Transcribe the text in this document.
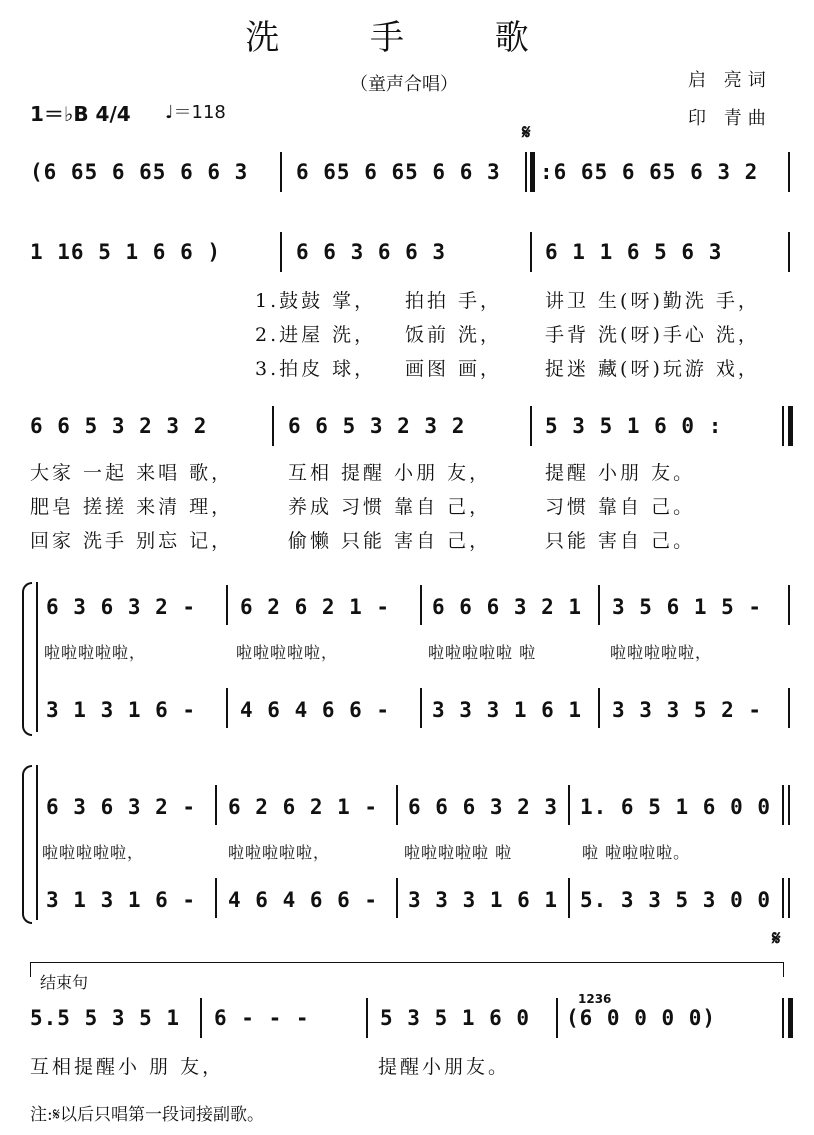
洗 手 歌
（童声合唱）	启 亮词
印 青曲
1＝♭B 4/4 ♩＝118
𝄋
(6 65 6 65 6 6 3 6 65 6 65 6 6 3 :6 65 6 65 6 3 2
1 16 5 1 6 6 )	6 6 3 6 6 3	6 1 1 6 5 6 3
1.鼓鼓 掌， 拍拍 手， 讲卫 生(呀)勤洗 手，
2.进屋 洗， 饭前 洗， 手背 洗(呀)手心 洗，
3.拍皮 球， 画图 画， 捉迷 藏(呀)玩游 戏，
6 6 5 3 2 3 2	6 6 5 3 2 3 2	5 3 5 1 6 0 :
大家 一起 来唱 歌，	互相 提醒 小朋 友，	提醒 小朋 友。
肥皂 搓搓 来清 理，	养成 习惯 靠自 己，	习惯 靠自 己。
回家 洗手 别忘 记，	偷懒 只能 害自 己，	只能 害自 己。
6 3 6 3 2 - 6 2 6 2 1 - 6 6 6 3 2 1 3 5 6 1 5 -
啦啦啦啦啦，	啦啦啦啦啦，	啦啦啦啦啦 啦	啦啦啦啦啦，
3 1 3 1 6 - 4 6 4 6 6 - 3 3 3 1 6 1 3 3 3 5 2 -
6 3 6 3 2 - 6 2 6 2 1 - 6 6 6 3 2 3 1. 6 5 1 6 0 0
啦啦啦啦啦，	啦啦啦啦啦，	啦啦啦啦啦 啦	啦 啦啦啦啦。
3 1 3 1 6 - 4 6 4 6 6 - 3 3 3 1 6 1 5. 3 3 5 3 0 0
𝄋
结束句
5.5 5 3 5 1 6 - - -	5 3 5 1 6 0
1236
(6 0 0 0 0)
互相提醒小 朋 友，	提醒小朋友。
注:𝄋以后只唱第一段词接副歌。
